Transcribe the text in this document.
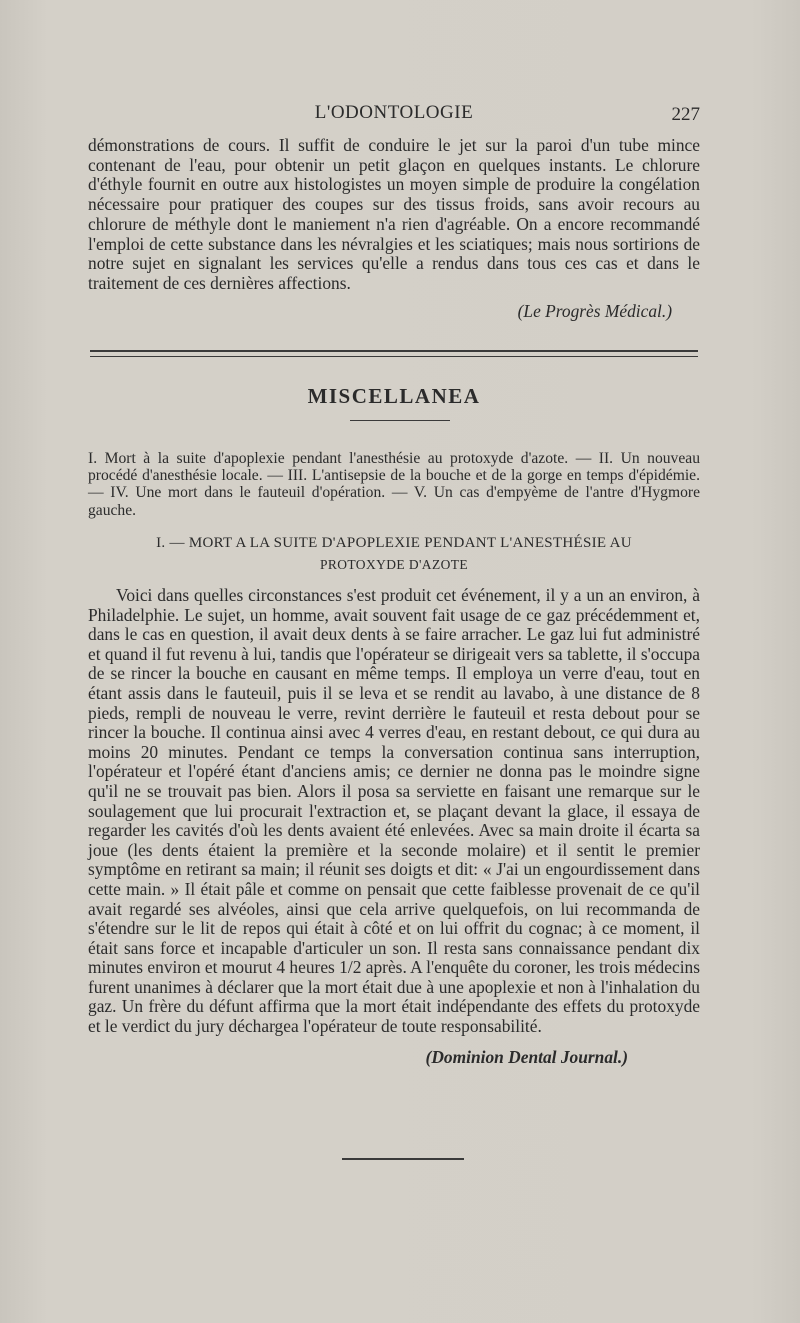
L'ODONTOLOGIE	227

démonstrations de cours. Il suffit de conduire le jet sur la paroi d'un tube mince contenant de l'eau, pour obtenir un petit glaçon en quelques instants. Le chlorure d'éthyle fournit en outre aux histologistes un moyen simple de produire la congélation nécessaire pour pratiquer des coupes sur des tissus froids, sans avoir recours au chlorure de méthyle dont le maniement n'a rien d'agréable. On a encore recommandé l'emploi de cette substance dans les névralgies et les sciatiques; mais nous sortirions de notre sujet en signalant les services qu'elle a rendus dans tous ces cas et dans le traitement de ces dernières affections.

(Le Progrès Médical.)

MISCELLANEA

I. Mort à la suite d'apoplexie pendant l'anesthésie au protoxyde d'azote. — II. Un nouveau procédé d'anesthésie locale. — III. L'antisepsie de la bouche et de la gorge en temps d'épidémie. — IV. Une mort dans le fauteuil d'opération. — V. Un cas d'empyème de l'antre d'Hygmore gauche.

I. — MORT A LA SUITE D'APOPLEXIE PENDANT L'ANESTHÉSIE AU
PROTOXYDE D'AZOTE

Voici dans quelles circonstances s'est produit cet événement, il y a un an environ, à Philadelphie. Le sujet, un homme, avait souvent fait usage de ce gaz précédemment et, dans le cas en question, il avait deux dents à se faire arracher. Le gaz lui fut administré et quand il fut revenu à lui, tandis que l'opérateur se dirigeait vers sa tablette, il s'occupa de se rincer la bouche en causant en même temps. Il employa un verre d'eau, tout en étant assis dans le fauteuil, puis il se leva et se rendit au lavabo, à une distance de 8 pieds, rempli de nouveau le verre, revint derrière le fauteuil et resta debout pour se rincer la bouche. Il continua ainsi avec 4 verres d'eau, en restant debout, ce qui dura au moins 20 minutes. Pendant ce temps la conversation continua sans interruption, l'opérateur et l'opéré étant d'anciens amis; ce dernier ne donna pas le moindre signe qu'il ne se trouvait pas bien. Alors il posa sa serviette en faisant une remarque sur le soulagement que lui procurait l'extraction et, se plaçant devant la glace, il essaya de regarder les cavités d'où les dents avaient été enlevées. Avec sa main droite il écarta sa joue (les dents étaient la première et la seconde molaire) et il sentit le premier symptôme en retirant sa main; il réunit ses doigts et dit: « J'ai un engourdissement dans cette main. » Il était pâle et comme on pensait que cette faiblesse provenait de ce qu'il avait regardé ses alvéoles, ainsi que cela arrive quelquefois, on lui recommanda de s'étendre sur le lit de repos qui était à côté et on lui offrit du cognac; à ce moment, il était sans force et incapable d'articuler un son. Il resta sans connaissance pendant dix minutes environ et mourut 4 heures 1/2 après. A l'enquête du coroner, les trois médecins furent unanimes à déclarer que la mort était due à une apoplexie et non à l'inhalation du gaz. Un frère du défunt affirma que la mort était indépendante des effets du protoxyde et le verdict du jury déchargea l'opérateur de toute responsabilité.

(Dominion Dental Journal.)
